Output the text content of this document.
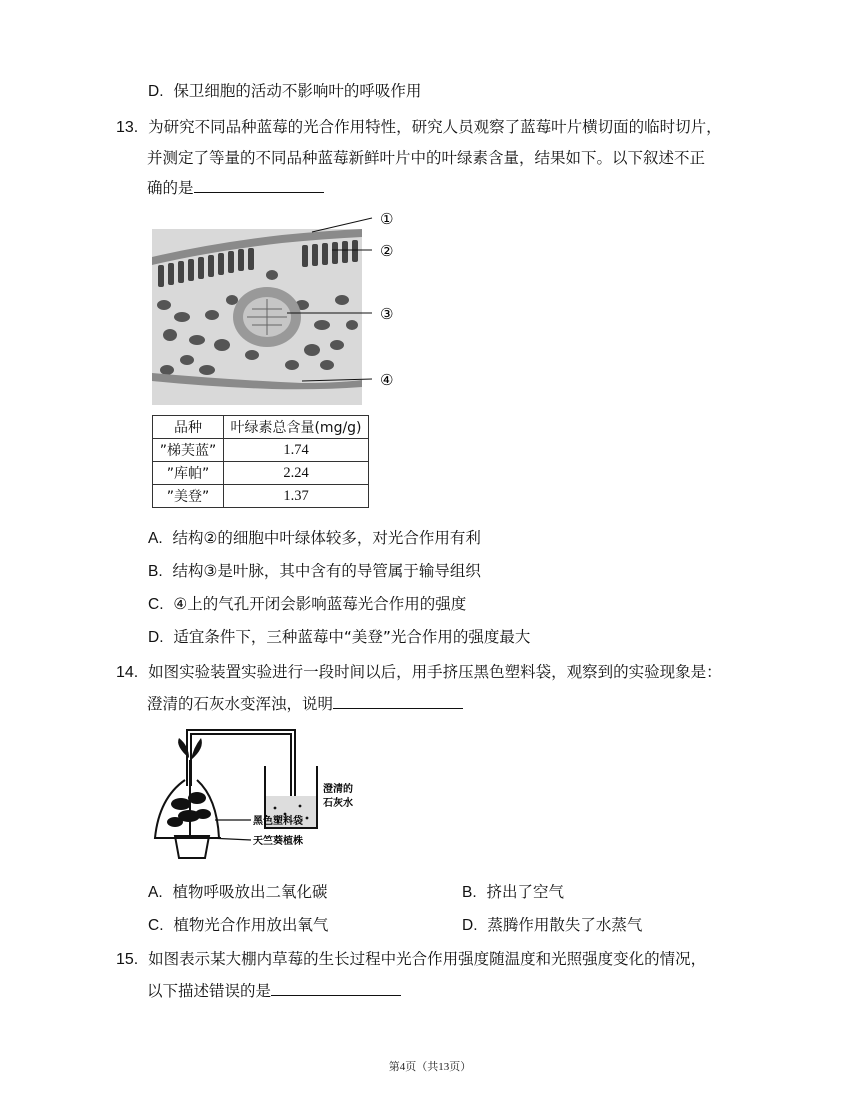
D. 保卫细胞的活动不影响叶的呼吸作用
13. 为研究不同品种蓝莓的光合作用特性，研究人员观察了蓝莓叶片横切面的临时切片，
并测定了等量的不同品种蓝莓新鲜叶片中的叶绿素含量，结果如下。以下叙述不正
确的是
①
②
③
④
品种	叶绿素总含量(mg/g)
”梯芙蓝”	1.74
”库帕”	2.24
”美登”	1.37
A. 结构②的细胞中叶绿体较多，对光合作用有利
B. 结构③是叶脉，其中含有的导管属于输导组织
C. ④上的气孔开闭会影响蓝莓光合作用的强度
D. 适宜条件下，三种蓝莓中“美登”光合作用的强度最大
14. 如图实验装置实验进行一段时间以后，用手挤压黑色塑料袋，观察到的实验现象是：
澄清的石灰水变浑浊，说明
澄清的
石灰水
黑色塑料袋
天竺葵植株
A. 植物呼吸放出二氧化碳	B. 挤出了空气
C. 植物光合作用放出氧气	D. 蒸腾作用散失了水蒸气
15. 如图表示某大棚内草莓的生长过程中光合作用强度随温度和光照强度变化的情况，
以下描述错误的是
第4页（共13页）
